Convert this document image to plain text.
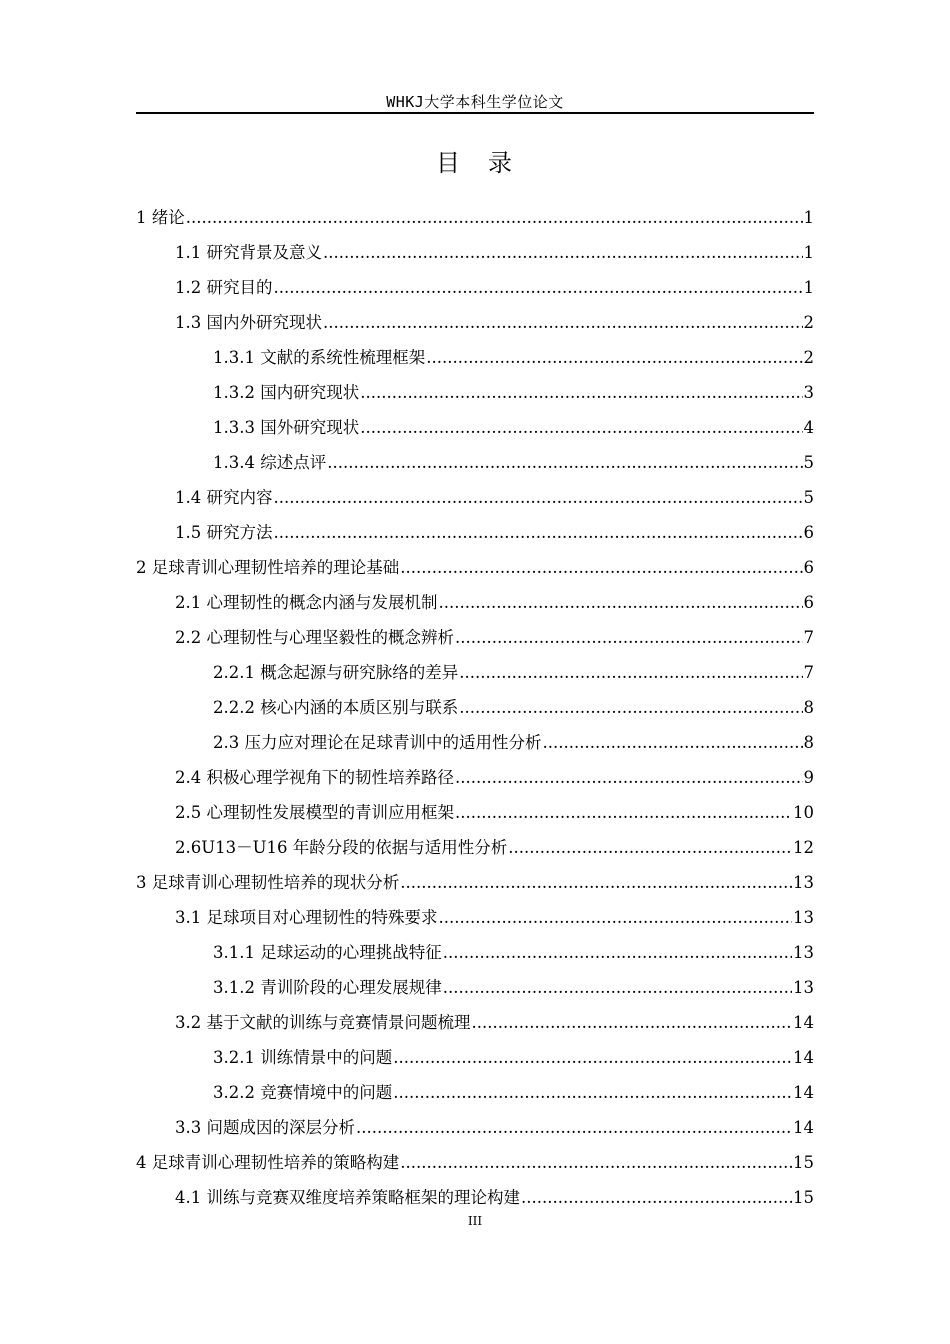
WHKJ大学本科生学位论文
目 录
1 绪论 .....	1
1.1 研究背景及意义 .....	1
1.2 研究目的 .....	1
1.3 国内外研究现状 .....	2
1.3.1 文献的系统性梳理框架 .....	2
1.3.2 国内研究现状 .....	3
1.3.3 国外研究现状 .....	4
1.3.4 综述点评 .....	5
1.4 研究内容 .....	5
1.5 研究方法 .....	6
2 足球青训心理韧性培养的理论基础 .....	6
2.1 心理韧性的概念内涵与发展机制 .....	6
2.2 心理韧性与心理坚毅性的概念辨析 .....	7
2.2.1 概念起源与研究脉络的差异 .....	7
2.2.2 核心内涵的本质区别与联系 .....	8
2.3 压力应对理论在足球青训中的适用性分析 .....	8
2.4 积极心理学视角下的韧性培养路径 .....	9
2.5 心理韧性发展模型的青训应用框架 .....	10
2.6U13－U16 年龄分段的依据与适用性分析 .....	12
3 足球青训心理韧性培养的现状分析 .....	13
3.1 足球项目对心理韧性的特殊要求 .....	13
3.1.1 足球运动的心理挑战特征 .....	13
3.1.2 青训阶段的心理发展规律 .....	13
3.2 基于文献的训练与竞赛情景问题梳理 .....	14
3.2.1 训练情景中的问题 .....	14
3.2.2 竞赛情境中的问题 .....	14
3.3 问题成因的深层分析 .....	14
4 足球青训心理韧性培养的策略构建 .....	15
4.1 训练与竞赛双维度培养策略框架的理论构建 .....	15
III
